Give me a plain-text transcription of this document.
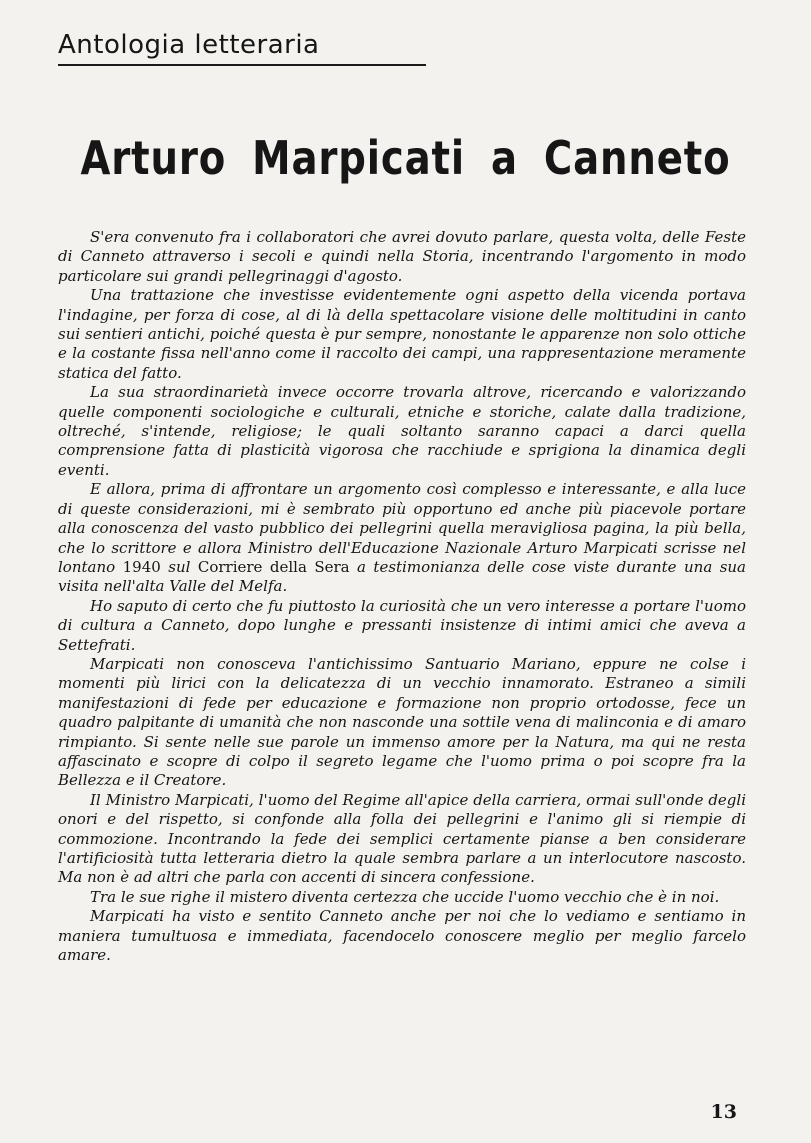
Antologia letteraria
Arturo Marpicati a Canneto

S'era convenuto fra i collaboratori che avrei dovuto parlare, questa volta, delle Feste di Canneto attraverso i secoli e quindi nella Storia, incentrando l'argomento in modo particolare sui grandi pellegrinaggi d'agosto.

Una trattazione che investisse evidentemente ogni aspetto della vicenda portava l'indagine, per forza di cose, al di là della spettacolare visione delle moltitudini in canto sui sentieri antichi, poiché questa è pur sempre, nonostante le apparenze non solo ottiche e la costante fissa nell'anno come il raccolto dei campi, una rappresentazione meramente statica del fatto.

La sua straordinarietà invece occorre trovarla altrove, ricercando e valorizzando quelle componenti sociologiche e culturali, etniche e storiche, calate dalla tradizione, oltreché, s'intende, religiose; le quali soltanto saranno capaci a darci quella comprensione fatta di plasticità vigorosa che racchiude e sprigiona la dinamica degli eventi.

E allora, prima di affrontare un argomento così complesso e interessante, e alla luce di queste considerazioni, mi è sembrato più opportuno ed anche più piacevole portare alla conoscenza del vasto pubblico dei pellegrini quella meravigliosa pagina, la più bella, che lo scrittore e allora Ministro dell'Educazione Nazionale Arturo Marpicati scrisse nel lontano 1940 sul Corriere della Sera a testimonianza delle cose viste durante una sua visita nell'alta Valle del Melfa.

Ho saputo di certo che fu piuttosto la curiosità che un vero interesse a portare l'uomo di cultura a Canneto, dopo lunghe e pressanti insistenze di intimi amici che aveva a Settefrati.

Marpicati non conosceva l'antichissimo Santuario Mariano, eppure ne colse i momenti più lirici con la delicatezza di un vecchio innamorato. Estraneo a simili manifestazioni di fede per educazione e formazione non proprio ortodosse, fece un quadro palpitante di umanità che non nasconde una sottile vena di malinconia e di amaro rimpianto. Si sente nelle sue parole un immenso amore per la Natura, ma qui ne resta affascinato e scopre di colpo il segreto legame che l'uomo prima o poi scopre fra la Bellezza e il Creatore.

Il Ministro Marpicati, l'uomo del Regime all'apice della carriera, ormai sull'onde degli onori e del rispetto, si confonde alla folla dei pellegrini e l'animo gli si riempie di commozione. Incontrando la fede dei semplici certamente pianse a ben considerare l'artificiosità tutta letteraria dietro la quale sembra parlare a un interlocutore nascosto. Ma non è ad altri che parla con accenti di sincera confessione.

Tra le sue righe il mistero diventa certezza che uccide l'uomo vecchio che è in noi.

Marpicati ha visto e sentito Canneto anche per noi che lo vediamo e sentiamo in maniera tumultuosa e immediata, facendocelo conoscere meglio per meglio farcelo amare.

13
